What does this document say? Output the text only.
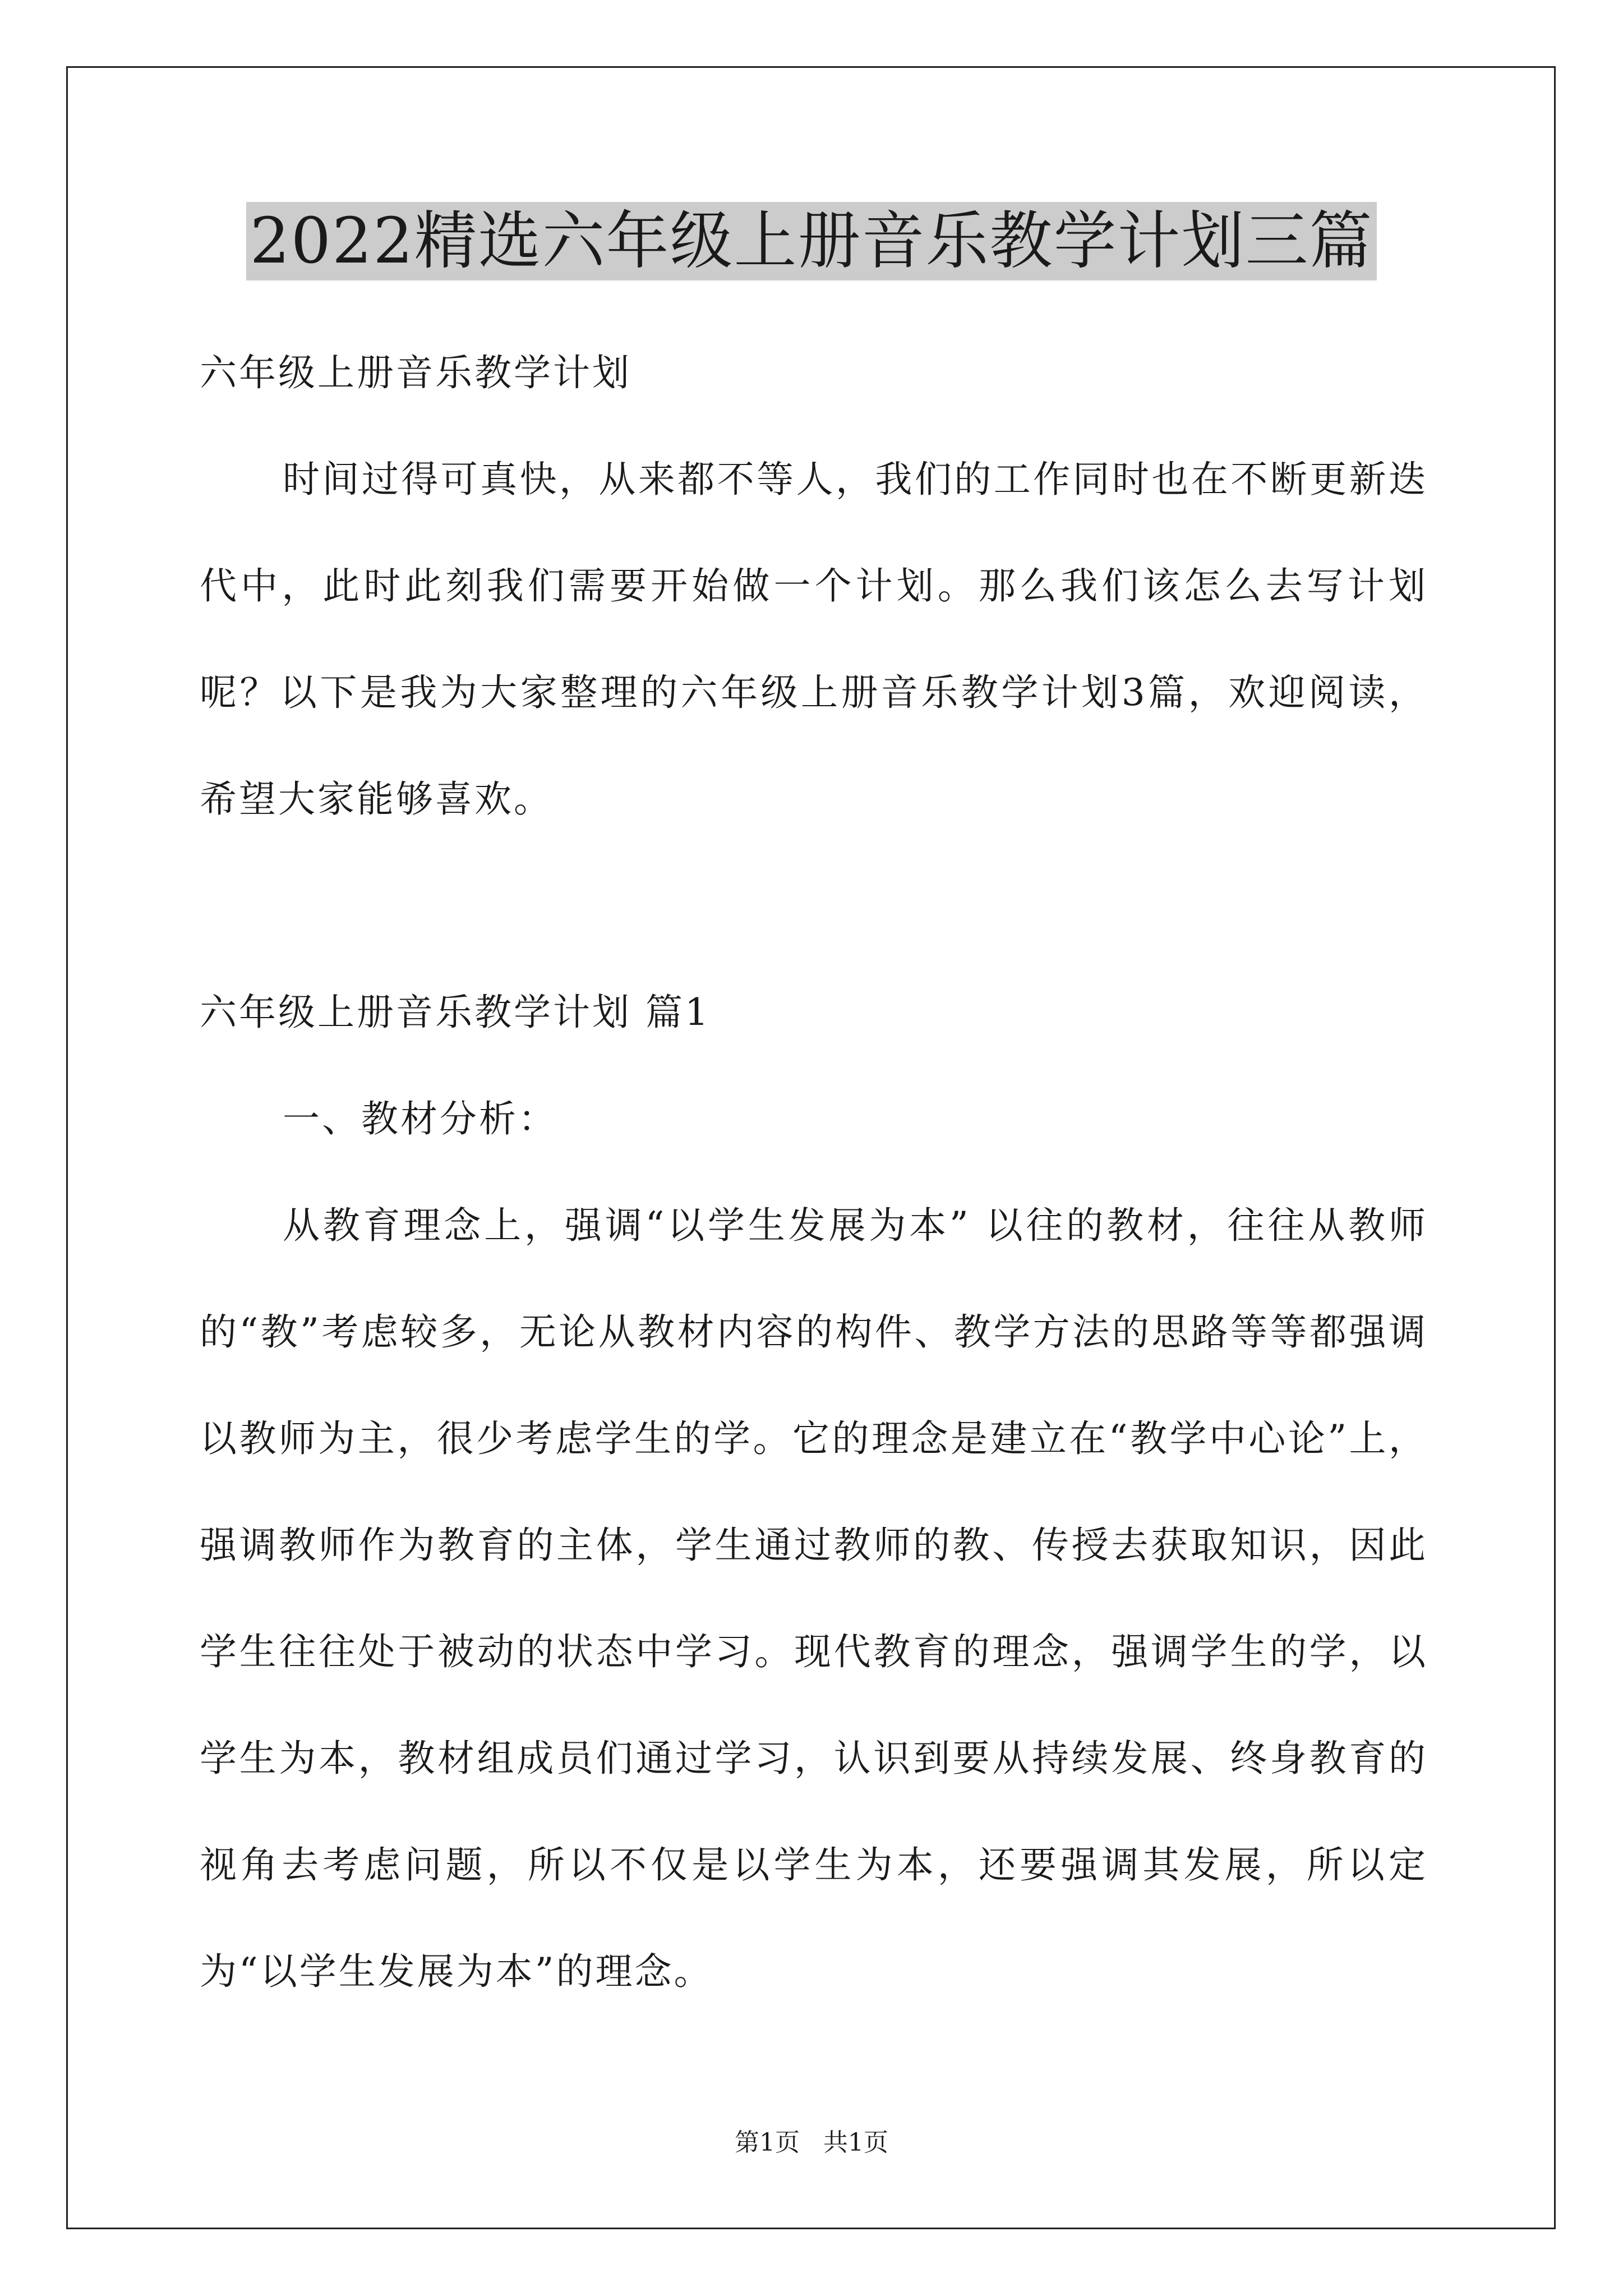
2022精选六年级上册音乐教学计划三篇

六年级上册音乐教学计划

时间过得可真快，从来都不等人，我们的工作同时也在不断更新迭代中，此时此刻我们需要开始做一个计划。那么我们该怎么去写计划呢？以下是我为大家整理的六年级上册音乐教学计划3篇，欢迎阅读，希望大家能够喜欢。

六年级上册音乐教学计划 篇1

一、教材分析：

从教育理念上，强调“以学生发展为本” 以往的教材，往往从教师的“教”考虑较多，无论从教材内容的构件、教学方法的思路等等都强调以教师为主，很少考虑学生的学。它的理念是建立在“教学中心论”上，强调教师作为教育的主体，学生通过教师的教、传授去获取知识，因此学生往往处于被动的状态中学习。现代教育的理念，强调学生的学，以学生为本，教材组成员们通过学习，认识到要从持续发展、终身教育的视角去考虑问题，所以不仅是以学生为本，还要强调其发展，所以定为“以学生发展为本”的理念。

第1页 共1页
